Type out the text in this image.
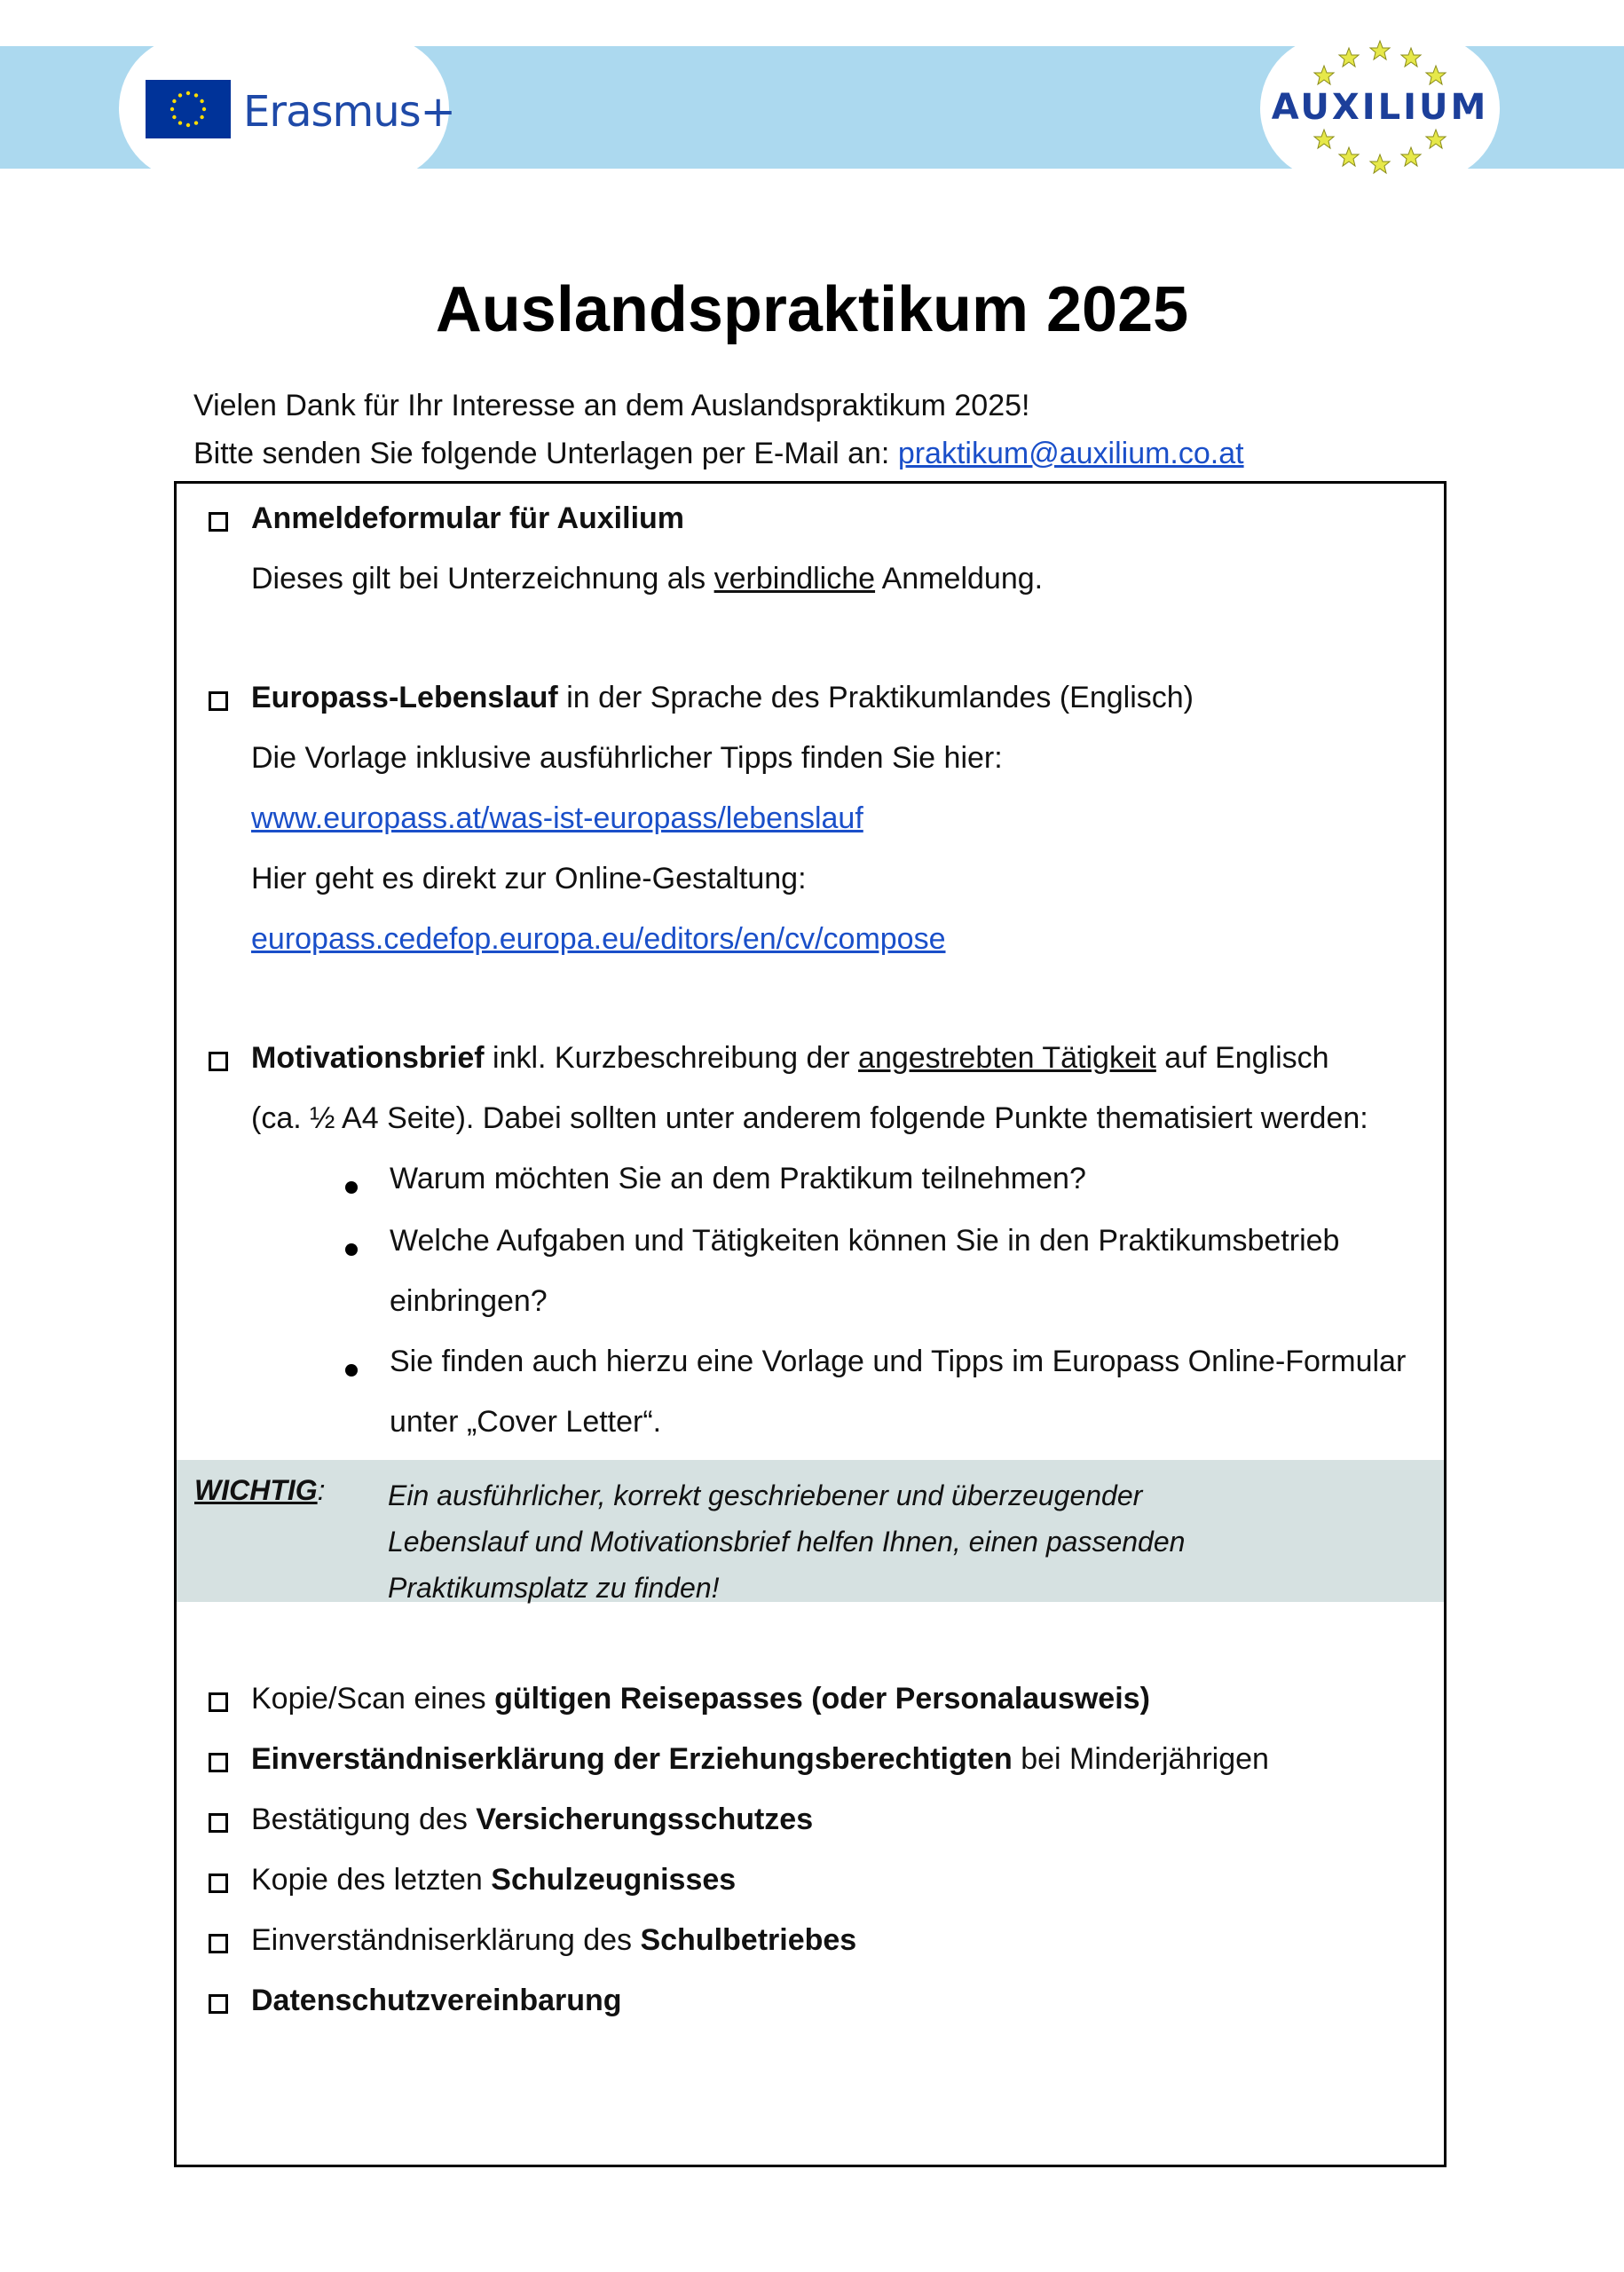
Erasmus+	AUXILIUM
Auslandspraktikum 2025

Vielen Dank für Ihr Interesse an dem Auslandspraktikum 2025!

Bitte senden Sie folgende Unterlagen per E-Mail an: praktikum@auxilium.co.at

Anmeldeformular für Auxilium
Dieses gilt bei Unterzeichnung als verbindliche Anmeldung.
Europass-Lebenslauf in der Sprache des Praktikumlandes (Englisch)
Die Vorlage inklusive ausführlicher Tipps finden Sie hier:
www.europass.at/was-ist-europass/lebenslauf
Hier geht es direkt zur Online-Gestaltung:
europass.cedefop.europa.eu/editors/en/cv/compose
Motivationsbrief inkl. Kurzbeschreibung der angestrebten Tätigkeit auf Englisch
(ca. ½ A4 Seite). Dabei sollten unter anderem folgende Punkte thematisiert werden:
Warum möchten Sie an dem Praktikum teilnehmen?
Welche Aufgaben und Tätigkeiten können Sie in den Praktikumsbetrieb
einbringen?
Sie finden auch hierzu eine Vorlage und Tipps im Europass Online-Formular
unter „Cover Letter“.
WICHTIG: Ein ausführlicher, korrekt geschriebener und überzeugender

Lebenslauf und Motivationsbrief helfen Ihnen, einen passenden

Praktikumsplatz zu finden!

Kopie/Scan eines gültigen Reisepasses (oder Personalausweis)
Einverständniserklärung der Erziehungsberechtigten bei Minderjährigen
Bestätigung des Versicherungsschutzes
Kopie des letzten Schulzeugnisses
Einverständniserklärung des Schulbetriebes
Datenschutzvereinbarung
